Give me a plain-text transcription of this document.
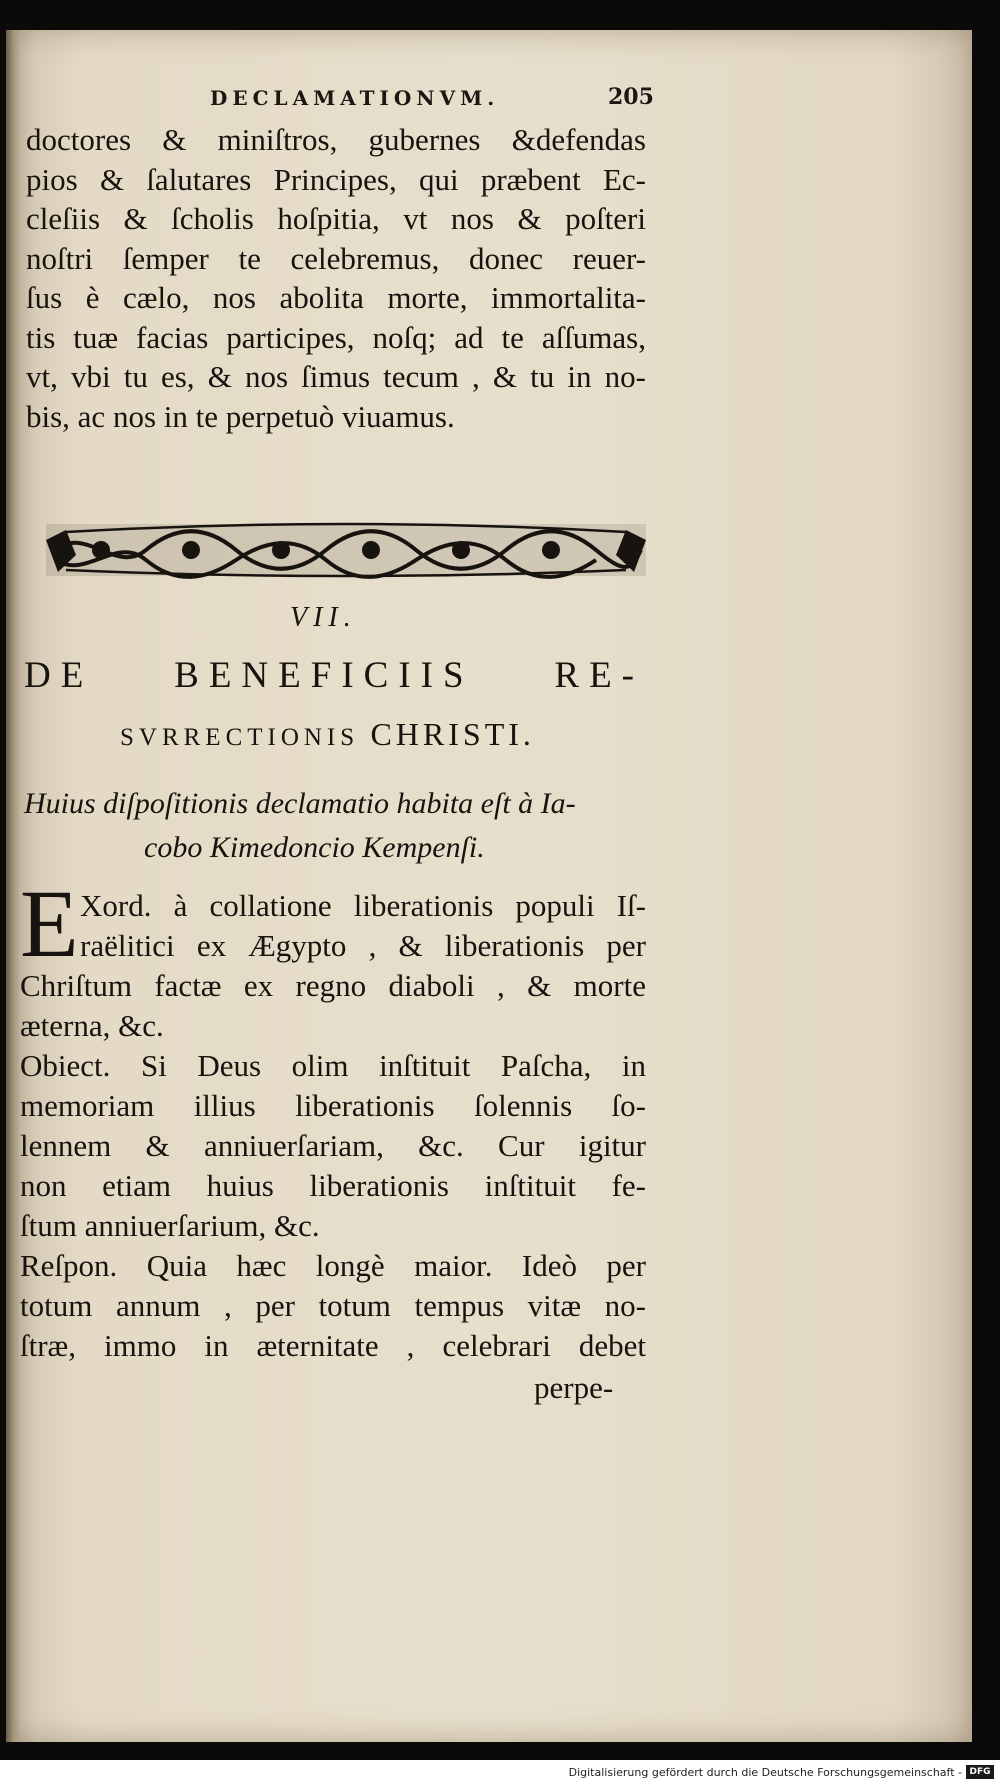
DECLAMATIONVM.	205
doctores & miniſtros, gubernes &defendas
pios & ſalutares Principes, qui præbent Ec-
cleſiis & ſcholis hoſpitia, vt nos & poſteri
noſtri ſemper te celebremus, donec reuer-
ſus è cælo, nos abolita morte, immortalita-
tis tuæ facias participes, noſq; ad te aſſumas,
vt, vbi tu es, & nos ſimus tecum , & tu in no-
bis, ac nos in te perpetuò viuamus.
VII.
DE BENEFICIIS RE-
SVRRECTIONIS CHRISTI.
Huius diſpoſitionis declamatio habita eſt à Ia-
cobo Kimedoncio Kempenſi.
E Xord. à collatione liberationis populi Iſ-
raëlitici ex Ægypto , & liberationis per
Chriſtum factæ ex regno diaboli , & morte
æterna, &c.
Obiect. Si Deus olim inſtituit Paſcha, in
memoriam illius liberationis ſolennis ſo-
lennem & anniuerſariam, &c. Cur igitur
non etiam huius liberationis inſtituit fe-
ſtum anniuerſarium, &c.
Reſpon. Quia hæc longè maior. Ideò per
totum annum , per totum tempus vitæ no-
ſtræ, immo in æternitate , celebrari debet
perpe-
Digitalisierung gefördert durch die Deutsche Forschungsgemeinschaft - DFG
